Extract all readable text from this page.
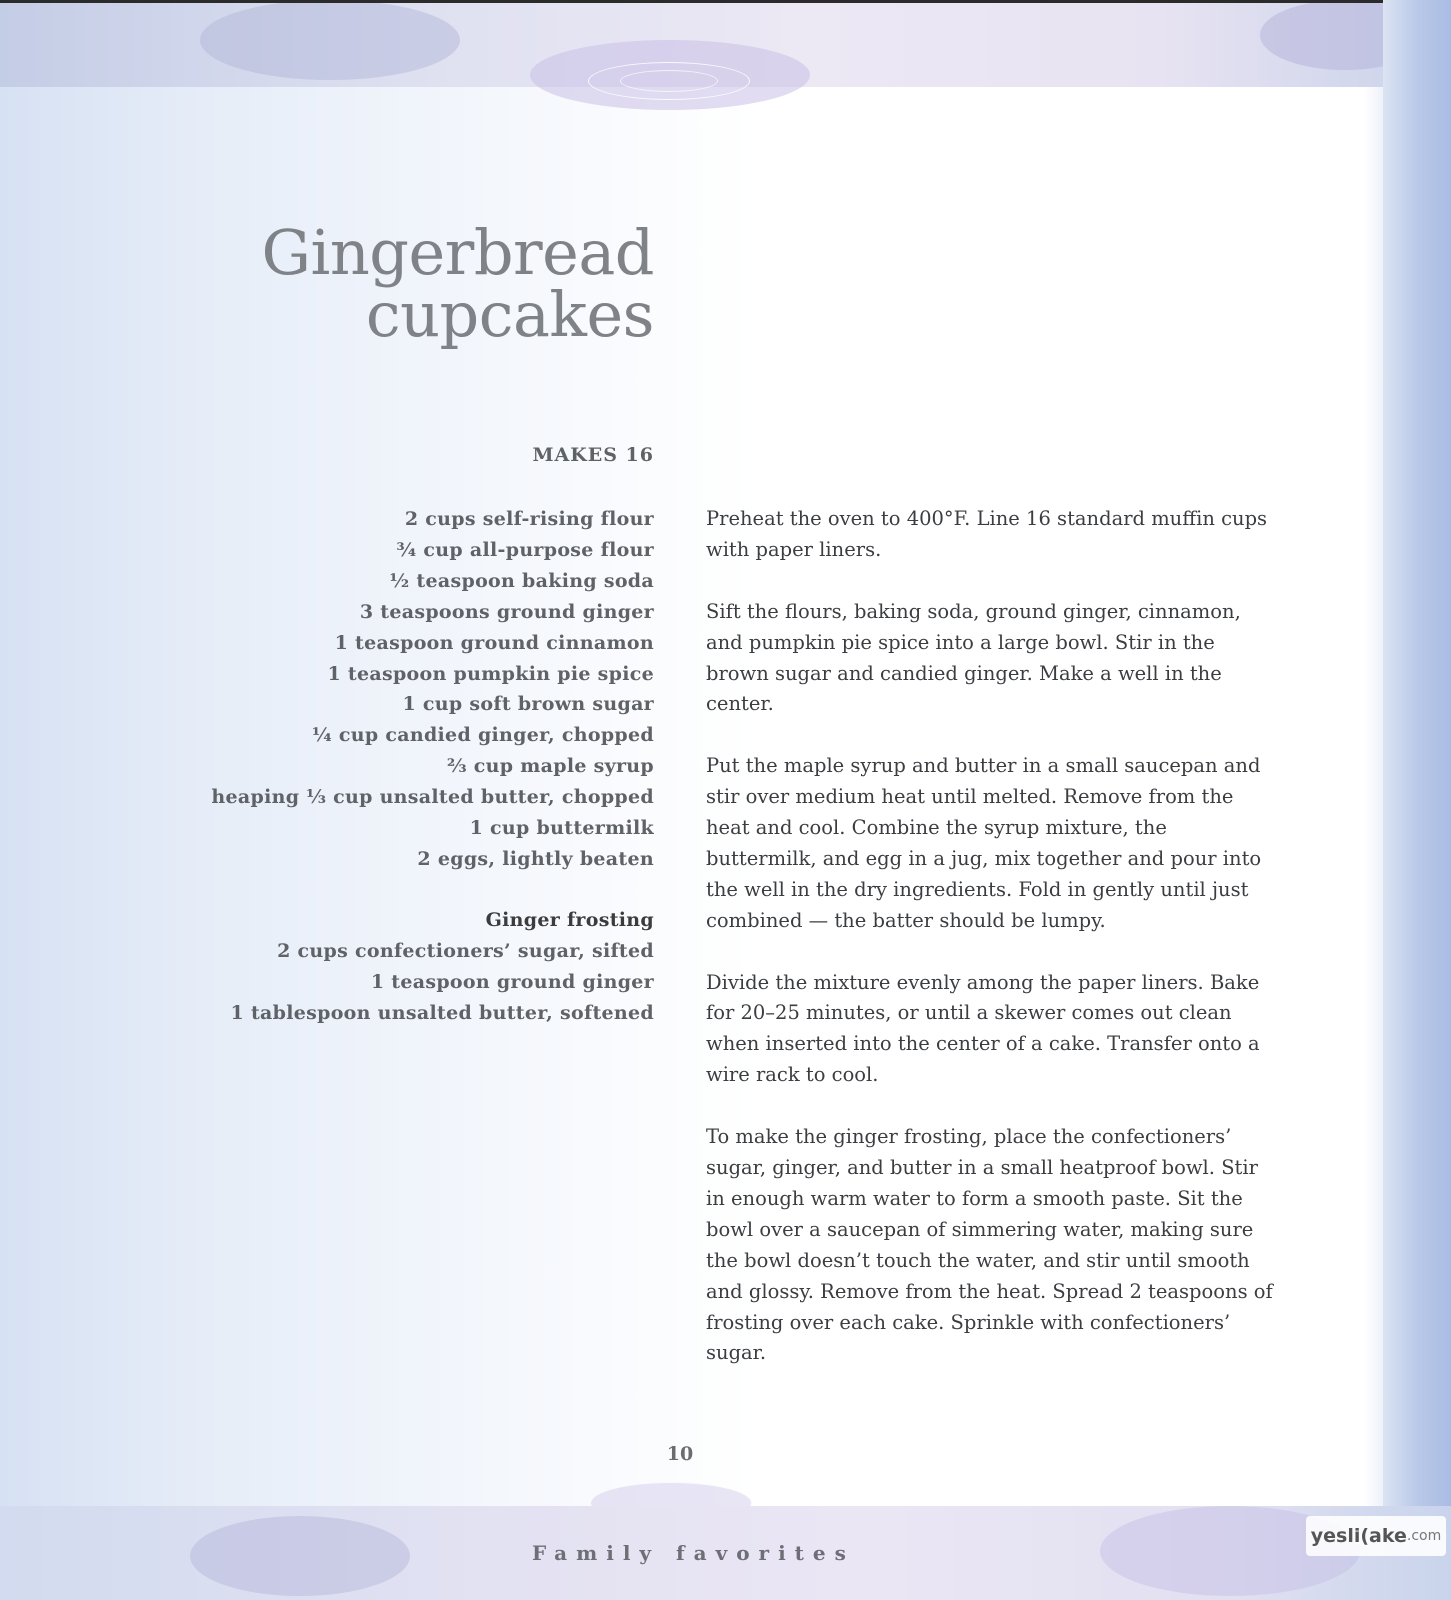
Gingerbread
cupcakes
MAKES 16
2 cups self-rising flour
¾ cup all-purpose flour
½ teaspoon baking soda
3 teaspoons ground ginger
1 teaspoon ground cinnamon
1 teaspoon pumpkin pie spice
1 cup soft brown sugar
¼ cup candied ginger, chopped
⅔ cup maple syrup
heaping ⅓ cup unsalted butter, chopped
1 cup buttermilk
2 eggs, lightly beaten
Ginger frosting
2 cups confectioners’ sugar, sifted
1 teaspoon ground ginger
1 tablespoon unsalted butter, softened

Preheat the oven to 400°F. Line 16 standard muffin cups with paper liners.

Sift the flours, baking soda, ground ginger, cinnamon, and pumpkin pie spice into a large bowl. Stir in the brown sugar and candied ginger. Make a well in the center.

Put the maple syrup and butter in a small saucepan and stir over medium heat until melted. Remove from the heat and cool. Combine the syrup mixture, the buttermilk, and egg in a jug, mix together and pour into the well in the dry ingredients. Fold in gently until just combined — the batter should be lumpy.

Divide the mixture evenly among the paper liners. Bake for 20–25 minutes, or until a skewer comes out clean when inserted into the center of a cake. Transfer onto a wire rack to cool.

To make the ginger frosting, place the confectioners’ sugar, ginger, and butter in a small heatproof bowl. Stir in enough warm water to form a smooth paste. Sit the bowl over a saucepan of simmering water, making sure the bowl doesn’t touch the water, and stir until smooth and glossy. Remove from the heat. Spread 2 teaspoons of frosting over each cake. Sprinkle with confectioners’ sugar.

10
Family favorites
yesli ( ake .com
